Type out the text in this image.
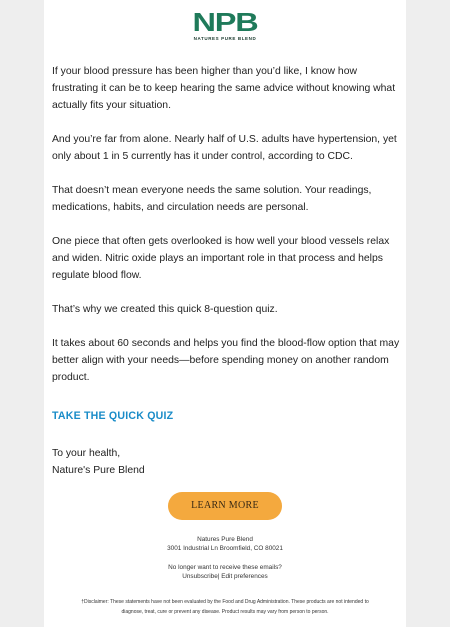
NPB
NATURES PURE BLEND

If your blood pressure has been higher than you’d like, I know how frustrating it can be to keep hearing the same advice without knowing what actually fits your situation.

And you’re far from alone. Nearly half of U.S. adults have hypertension, yet only about 1 in 5 currently has it under control, according to CDC.

That doesn’t mean everyone needs the same solution. Your readings, medications, habits, and circulation needs are personal.

One piece that often gets overlooked is how well your blood vessels relax and widen. Nitric oxide plays an important role in that process and helps regulate blood flow.

That’s why we created this quick 8-question quiz.

It takes about 60 seconds and helps you find the blood-flow option that may better align with your needs—before spending money on another random product.

TAKE THE QUICK QUIZ
To your health,
Nature's Pure Blend
LEARN MORE
Natures Pure Blend
3001 Industrial Ln Broomfield, CO 80021
No longer want to receive these emails?
Unsubscribe| Edit preferences
†Disclaimer: These statements have not been evaluated by the Food and Drug Administration. These products are not intended to
diagnose, treat, cure or prevent any disease. Product results may vary from person to person.
